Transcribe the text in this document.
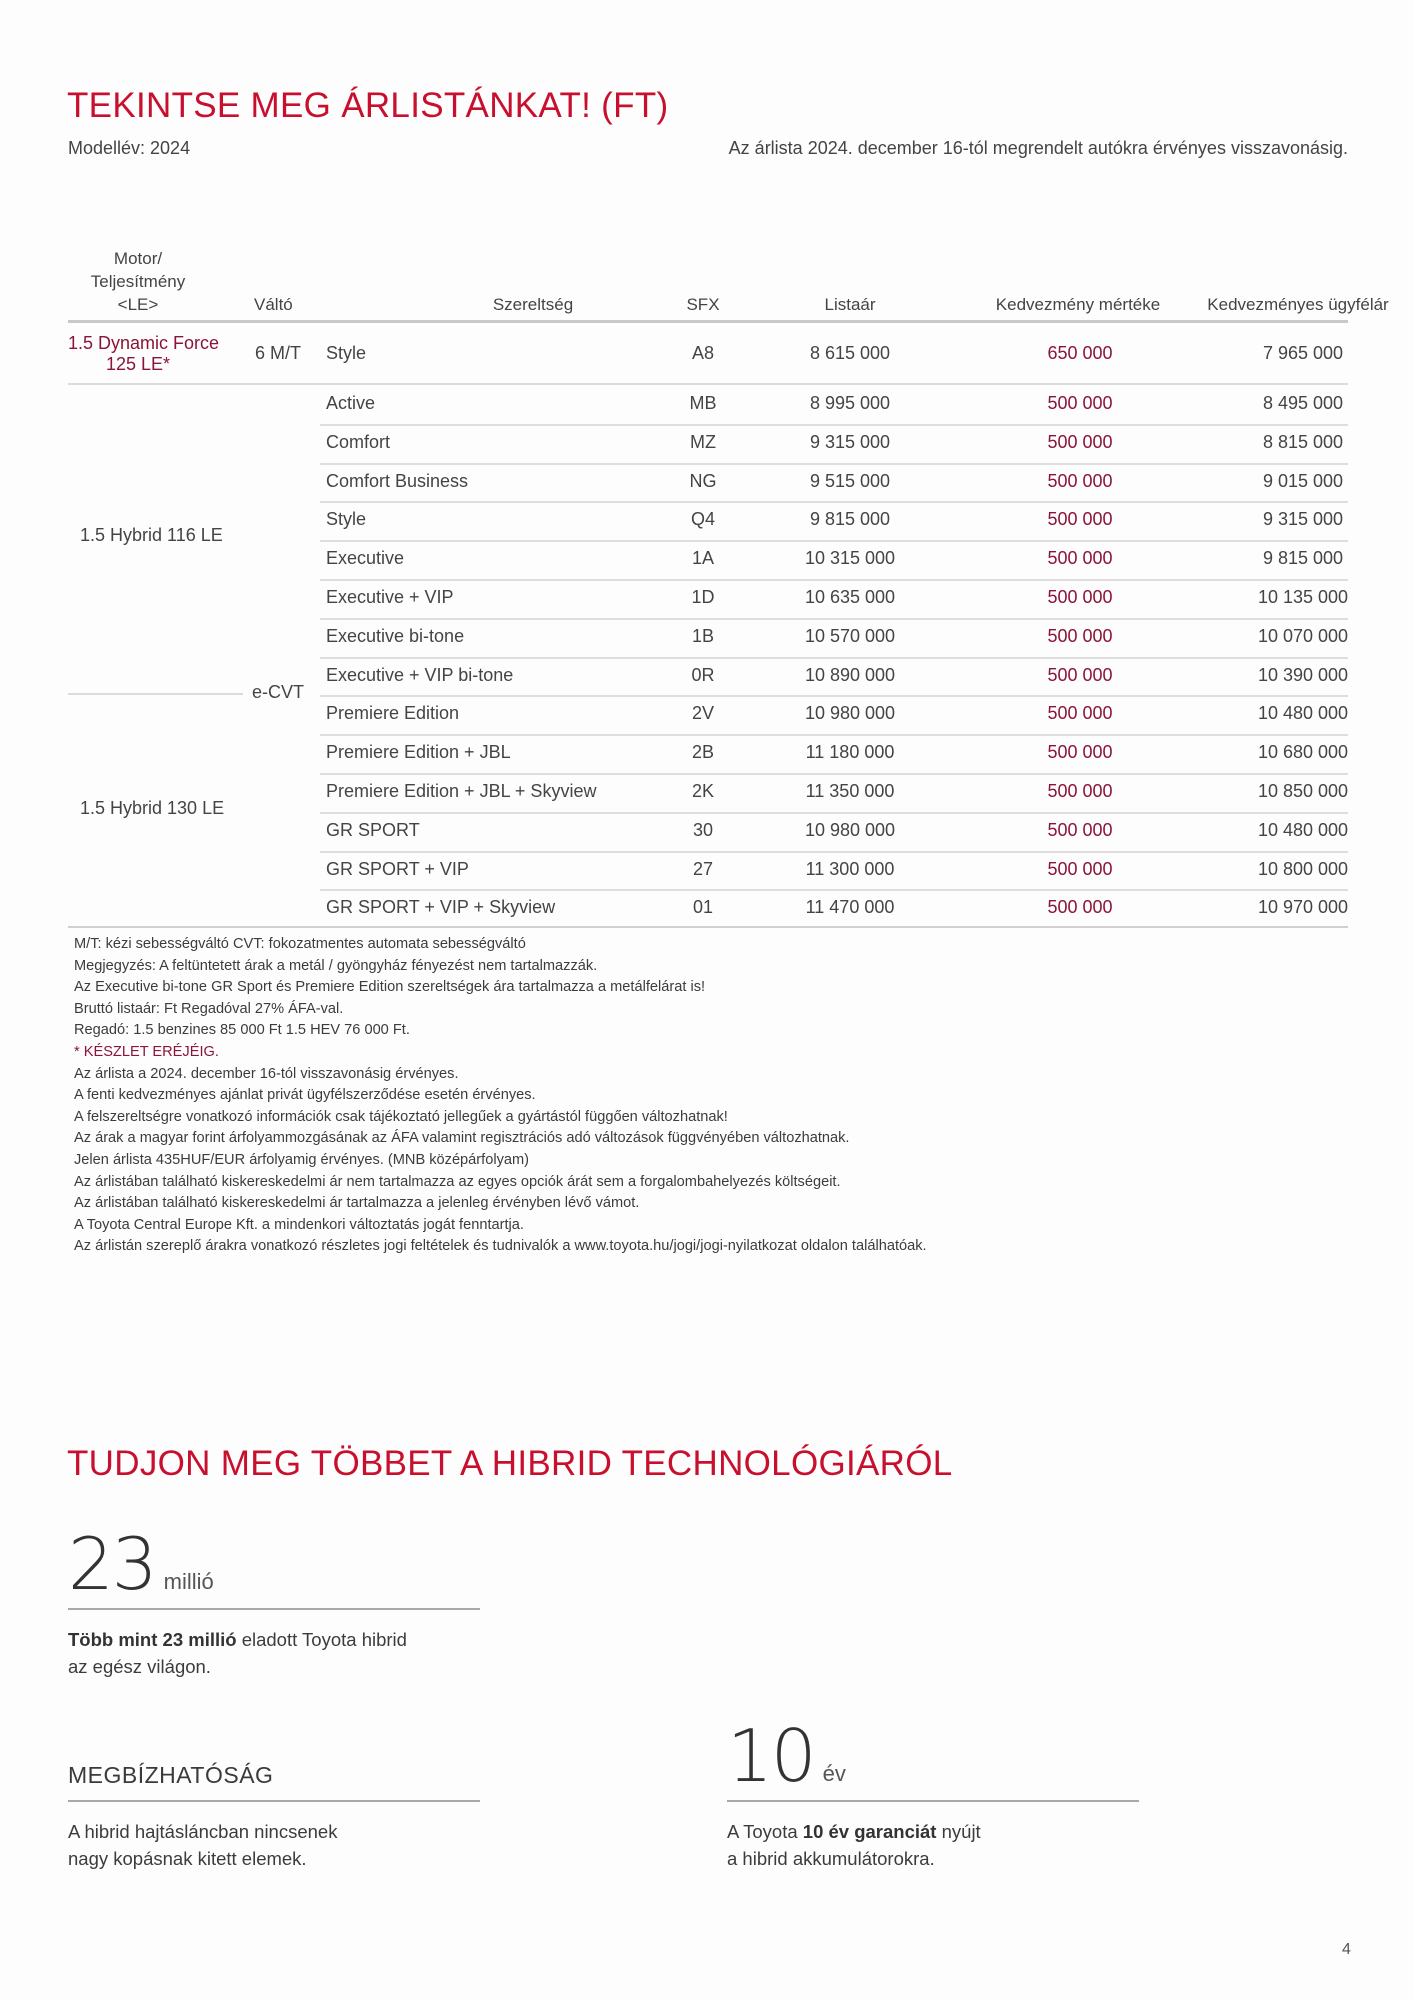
TEKINTSE MEG ÁRLISTÁNKAT! (FT)
Modellév: 2024	Az árlista 2024. december 16-tól megrendelt autókra érvényes visszavonásig.
Motor/
Teljesítmény
<LE>	Váltó	Szereltség	SFX	Listaár	Kedvezmény mértéke	Kedvezményes ügyfélár
1.5 Dynamic Force
125 LE*
6 M/T Style	A8	8 615 000	650 000	7 965 000
1.5 Hybrid 116 LE
1.5 Hybrid 130 LE
e-CVT
Active	MB	8 995 000	500 000	8 495 000
Comfort	MZ	9 315 000	500 000	8 815 000
Comfort Business	NG	9 515 000	500 000	9 015 000
Style	Q4	9 815 000	500 000	9 315 000
Executive	1A	10 315 000	500 000	9 815 000
Executive + VIP	1D	10 635 000	500 000	10 135 000
Executive bi-tone	1B	10 570 000	500 000	10 070 000
Executive + VIP bi-tone	0R	10 890 000	500 000	10 390 000
Premiere Edition	2V	10 980 000	500 000	10 480 000
Premiere Edition + JBL	2B	11 180 000	500 000	10 680 000
Premiere Edition + JBL + Skyview	2K	11 350 000	500 000	10 850 000
GR SPORT	30	10 980 000	500 000	10 480 000
GR SPORT + VIP	27	11 300 000	500 000	10 800 000
GR SPORT + VIP + Skyview	01	11 470 000	500 000	10 970 000
M/T: kézi sebességváltó CVT: fokozatmentes automata sebességváltó
Megjegyzés: A feltüntetett árak a metál / gyöngyház fényezést nem tartalmazzák.
Az Executive bi-tone GR Sport és Premiere Edition szereltségek ára tartalmazza a metálfelárat is!
Bruttó listaár: Ft Regadóval 27% ÁFA-val.
Regadó: 1.5 benzines 85 000 Ft 1.5 HEV 76 000 Ft.
* KÉSZLET ERÉJÉIG.
Az árlista a 2024. december 16-tól visszavonásig érvényes.
A fenti kedvezményes ajánlat privát ügyfélszerződése esetén érvényes.
A felszereltségre vonatkozó információk csak tájékoztató jellegűek a gyártástól függően változhatnak!
Az árak a magyar forint árfolyammozgásának az ÁFA valamint regisztrációs adó változások függvényében változhatnak.
Jelen árlista 435HUF/EUR árfolyamig érvényes. (MNB középárfolyam)
Az árlistában található kiskereskedelmi ár nem tartalmazza az egyes opciók árát sem a forgalombahelyezés költségeit.
Az árlistában található kiskereskedelmi ár tartalmazza a jelenleg érvényben lévő vámot.
A Toyota Central Europe Kft. a mindenkori változtatás jogát fenntartja.
Az árlistán szereplő árakra vonatkozó részletes jogi feltételek és tudnivalók a www.toyota.hu/jogi/jogi-nyilatkozat oldalon találhatóak.
TUDJON MEG TÖBBET A HIBRID TECHNOLÓGIÁRÓL
23 millió
Több mint 23 millió eladott Toyota hibrid
az egész világon.
MEGBÍZHATÓSÁG
A hibrid hajtásláncban nincsenek
nagy kopásnak kitett elemek.
10 év
A Toyota 10 év garanciát nyújt
a hibrid akkumulátorokra.
4
